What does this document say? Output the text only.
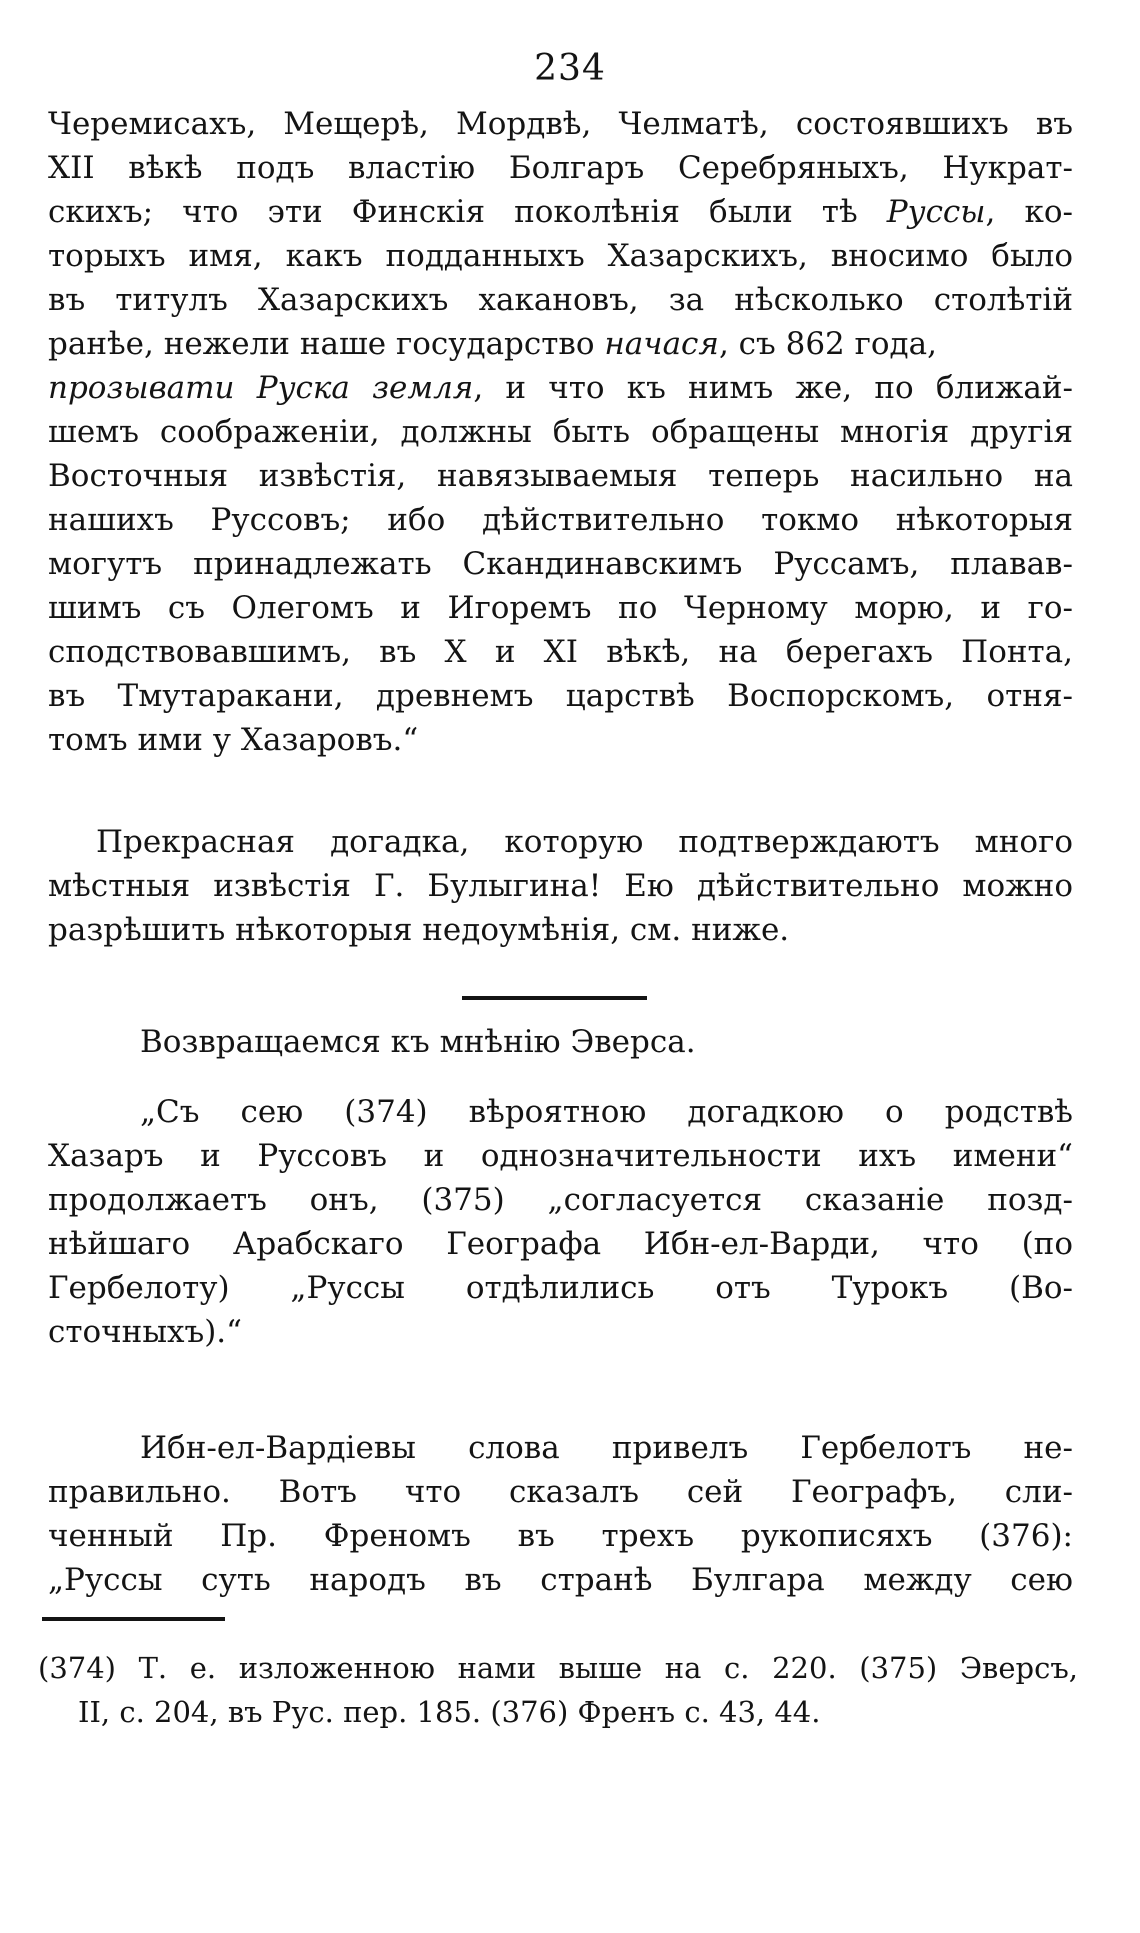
234
Черемисахъ, Мещерѣ, Мордвѣ, Челматѣ, состоявшихъ въ
XII вѣкѣ подъ властiю Болгаръ Серебряныхъ, Нукрат-
скихъ; что эти Финскiя поколѣнiя были тѣ Руссы, ко-
торыхъ имя, какъ подданныхъ Хазарскихъ, вносимо было
въ титулъ Хазарскихъ хакановъ, за нѣсколько столѣтiй
ранѣе, нежели наше государство начася, съ 862 года,
прозывати Руска земля, и что къ нимъ же, по ближай-
шемъ соображенiи, должны быть обращены многiя другiя
Восточныя извѣстiя, навязываемыя теперь насильно на
нашихъ Руссовъ; ибо дѣйствительно токмо нѣкоторыя
могутъ принадлежать Скандинавскимъ Руссамъ, плавав-
шимъ съ Олегомъ и Игоремъ по Черному морю, и го-
сподствовавшимъ, въ X и XI вѣкѣ, на берегахъ Понта,
въ Тмутаракани, древнемъ царствѣ Воспорскомъ, отня-
томъ ими у Хазаровъ.“
Прекрасная догадка, которую подтверждаютъ много
мѣстныя извѣстiя Г. Булыгина! Ею дѣйствительно можно
разрѣшить нѣкоторыя недоумѣнiя, см. ниже.
Возвращаемся къ мнѣнiю Эверса.
„Съ сею (374) вѣроятною догадкою о родствѣ
Хазаръ и Руссовъ и однозначительности ихъ имени“
продолжаетъ онъ, (375) „согласуется сказанiе позд-
нѣйшаго Арабскаго Географа Ибн-ел-Варди, что (по
Гербелоту) „Руссы отдѣлились отъ Турокъ (Во-
сточныхъ).“
Ибн-ел-Вардiевы слова привелъ Гербелотъ не-
правильно. Вотъ что сказалъ сей Географъ, сли-
ченный Пр. Френомъ въ трехъ рукописяхъ (376):
„Руссы суть народъ въ странѣ Булгара между сею
(374) Т. е. изложенною нами выше на с. 220. (375) Эверсъ,
II, с. 204, въ Рус. пер. 185. (376) Френъ с. 43, 44.
